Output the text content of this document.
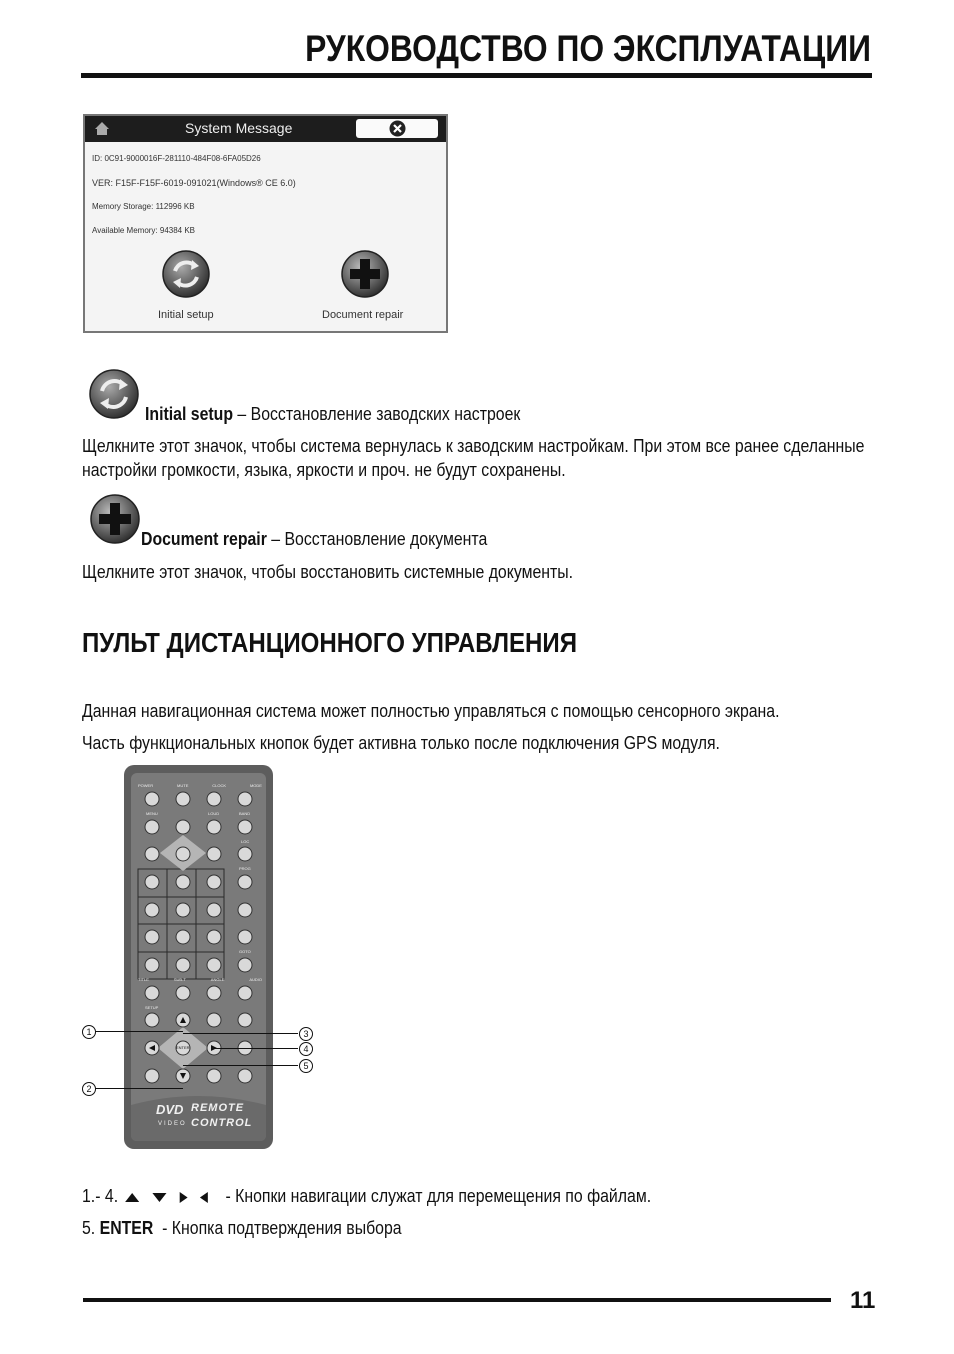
РУКОВОДСТВО ПО ЭКСПЛУАТАЦИИ
System Message
ID: 0C91-9000016F-281110-484F08-6FA05D26
VER: F15F-F15F-6019-091021(Windows® CE 6.0)
Memory Storage: 112996 KB
Available Memory: 94384 KB
Initial setup	Document repair
Initial setup – Восстановление заводских настроек
Щелкните этот значок, чтобы система вернулась к заводским настройкам. При этом все ранее сделанные
настройки громкости, языка, яркости и проч. не будут сохранены.
Document repair – Восстановление документа
Щелкните этот значок, чтобы восстановить системные документы.
ПУЛЬТ ДИСТАНЦИОННОГО УПРАВЛЕНИЯ
Данная навигационная система может полностью управляться с помощью сенсорного экрана.
Часть функциональных кнопок будет активна только после подключения GPS модуля.
POWER	MUTE	CLOCK	MODE
MENU	LOUD	BAND
LOC
PROG
GOTO
TITLE	SUB-T	ANGLE	AUDIO
SETUP
ENTER
DVD
VIDEO
REMOTE
CONTROL
1
2
3
4
5
1.- 4.	- Кнопки навигации служат для перемещения по файлам.
5. ENTER - Кнопка подтверждения выбора
11
